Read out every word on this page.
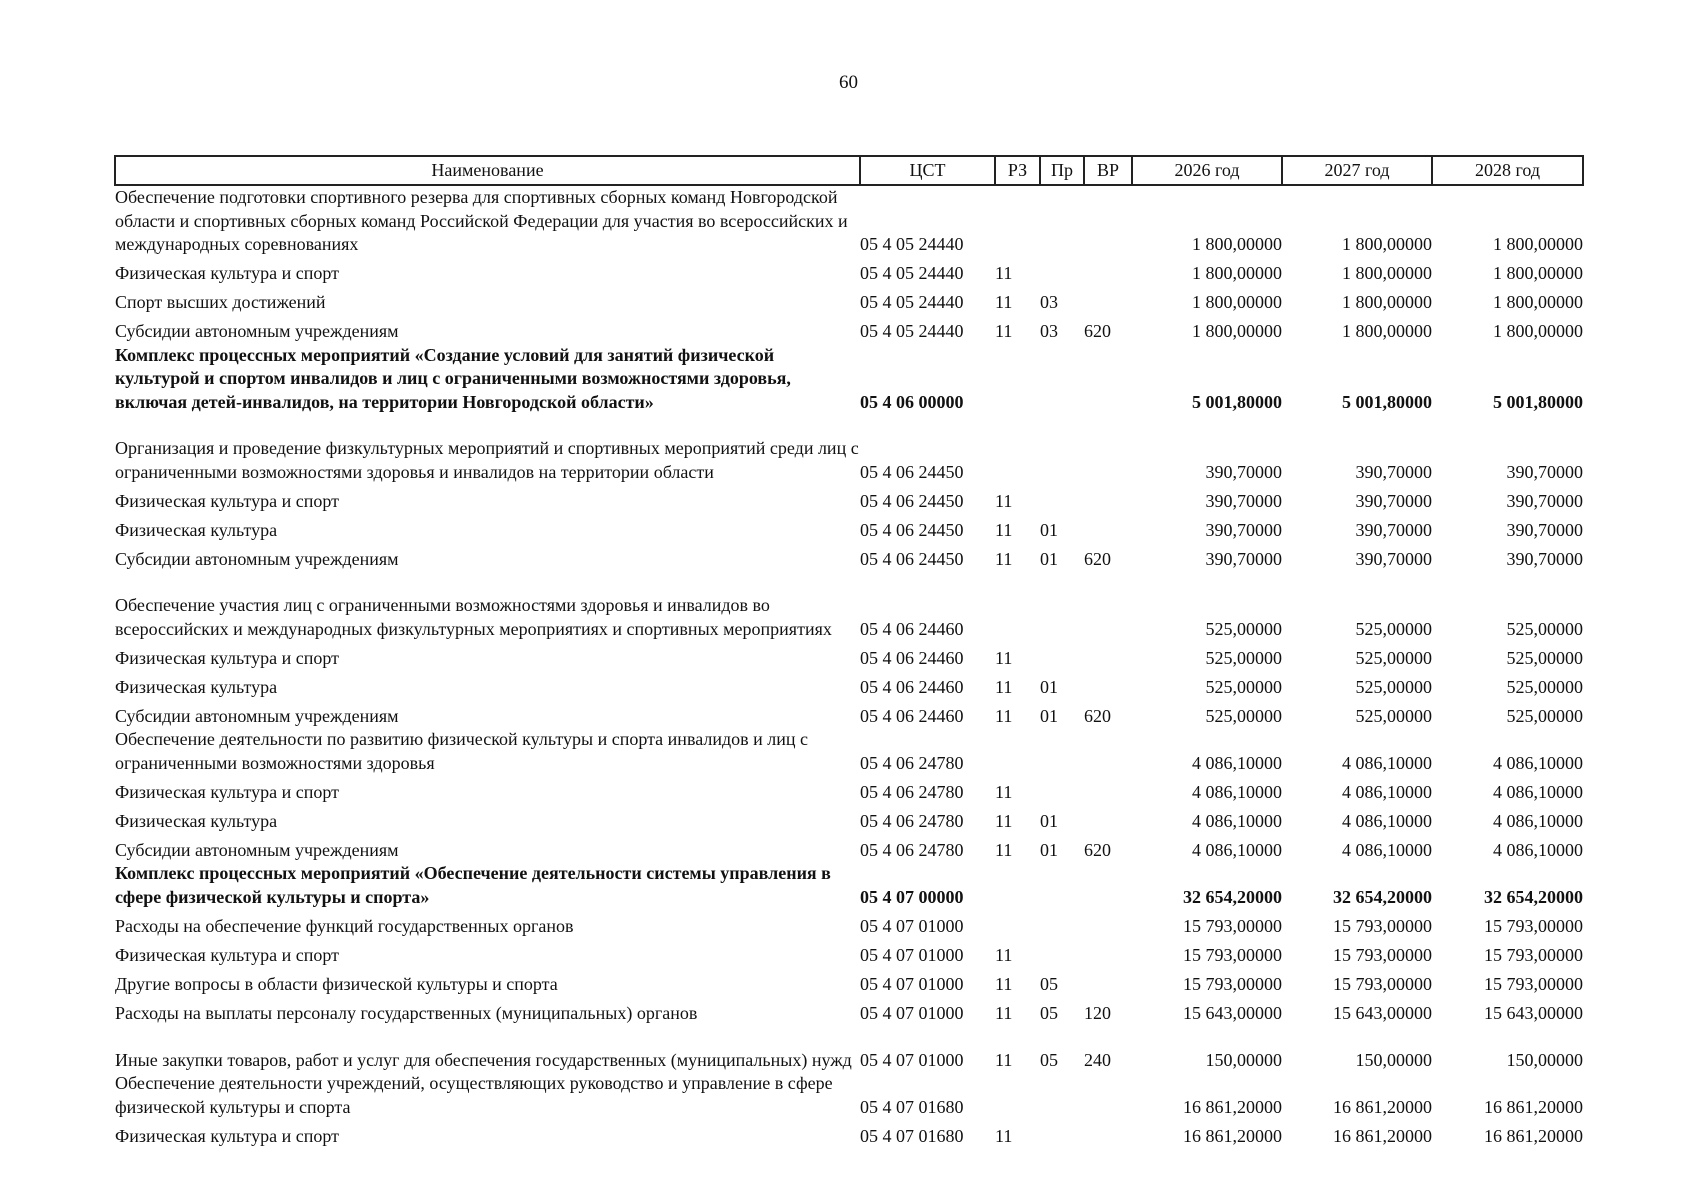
60
Наименование	ЦСТ	РЗ	Пр	ВР	2026 год	2027 год	2028 год
Обеспечение подготовки спортивного резерва для спортивных сборных команд Новгородской области и спортивных сборных команд Российской Федерации для участия во всероссийских и международных соревнованиях	05 4 05 24440				1 800,00000	1 800,00000	1 800,00000
Физическая культура и спорт	05 4 05 24440	11			1 800,00000	1 800,00000	1 800,00000
Спорт высших достижений	05 4 05 24440	11	03		1 800,00000	1 800,00000	1 800,00000
Субсидии автономным учреждениям	05 4 05 24440	11	03	620	1 800,00000	1 800,00000	1 800,00000
Комплекс процессных мероприятий «Создание условий для занятий физической культурой и спортом инвалидов и лиц с ограниченными возможностями здоровья, включая детей-инвалидов, на территории Новгородской области»	05 4 06 00000				5 001,80000	5 001,80000	5 001,80000
Организация и проведение физкультурных мероприятий и спортивных мероприятий среди лиц с ограниченными возможностями здоровья и инвалидов на территории области	05 4 06 24450				390,70000	390,70000	390,70000
Физическая культура и спорт	05 4 06 24450	11			390,70000	390,70000	390,70000
Физическая культура	05 4 06 24450	11	01		390,70000	390,70000	390,70000
Субсидии автономным учреждениям	05 4 06 24450	11	01	620	390,70000	390,70000	390,70000
Обеспечение участия лиц с ограниченными возможностями здоровья и инвалидов во всероссийских и международных физкультурных мероприятиях и спортивных мероприятиях	05 4 06 24460				525,00000	525,00000	525,00000
Физическая культура и спорт	05 4 06 24460	11			525,00000	525,00000	525,00000
Физическая культура	05 4 06 24460	11	01		525,00000	525,00000	525,00000
Субсидии автономным учреждениям	05 4 06 24460	11	01	620	525,00000	525,00000	525,00000
Обеспечение деятельности по развитию физической культуры и спорта инвалидов и лиц с ограниченными возможностями здоровья	05 4 06 24780				4 086,10000	4 086,10000	4 086,10000
Физическая культура и спорт	05 4 06 24780	11			4 086,10000	4 086,10000	4 086,10000
Физическая культура	05 4 06 24780	11	01		4 086,10000	4 086,10000	4 086,10000
Субсидии автономным учреждениям	05 4 06 24780	11	01	620	4 086,10000	4 086,10000	4 086,10000
Комплекс процессных мероприятий «Обеспечение деятельности системы управления в сфере физической культуры и спорта»	05 4 07 00000				32 654,20000	32 654,20000	32 654,20000
Расходы на обеспечение функций государственных органов	05 4 07 01000				15 793,00000	15 793,00000	15 793,00000
Физическая культура и спорт	05 4 07 01000	11			15 793,00000	15 793,00000	15 793,00000
Другие вопросы в области физической культуры и спорта	05 4 07 01000	11	05		15 793,00000	15 793,00000	15 793,00000
Расходы на выплаты персоналу государственных (муниципальных) органов	05 4 07 01000	11	05	120	15 643,00000	15 643,00000	15 643,00000
Иные закупки товаров, работ и услуг для обеспечения государственных (муниципальных) нужд	05 4 07 01000	11	05	240	150,00000	150,00000	150,00000
Обеспечение деятельности учреждений, осуществляющих руководство и управление в сфере физической культуры и спорта	05 4 07 01680				16 861,20000	16 861,20000	16 861,20000
Физическая культура и спорт	05 4 07 01680	11			16 861,20000	16 861,20000	16 861,20000
